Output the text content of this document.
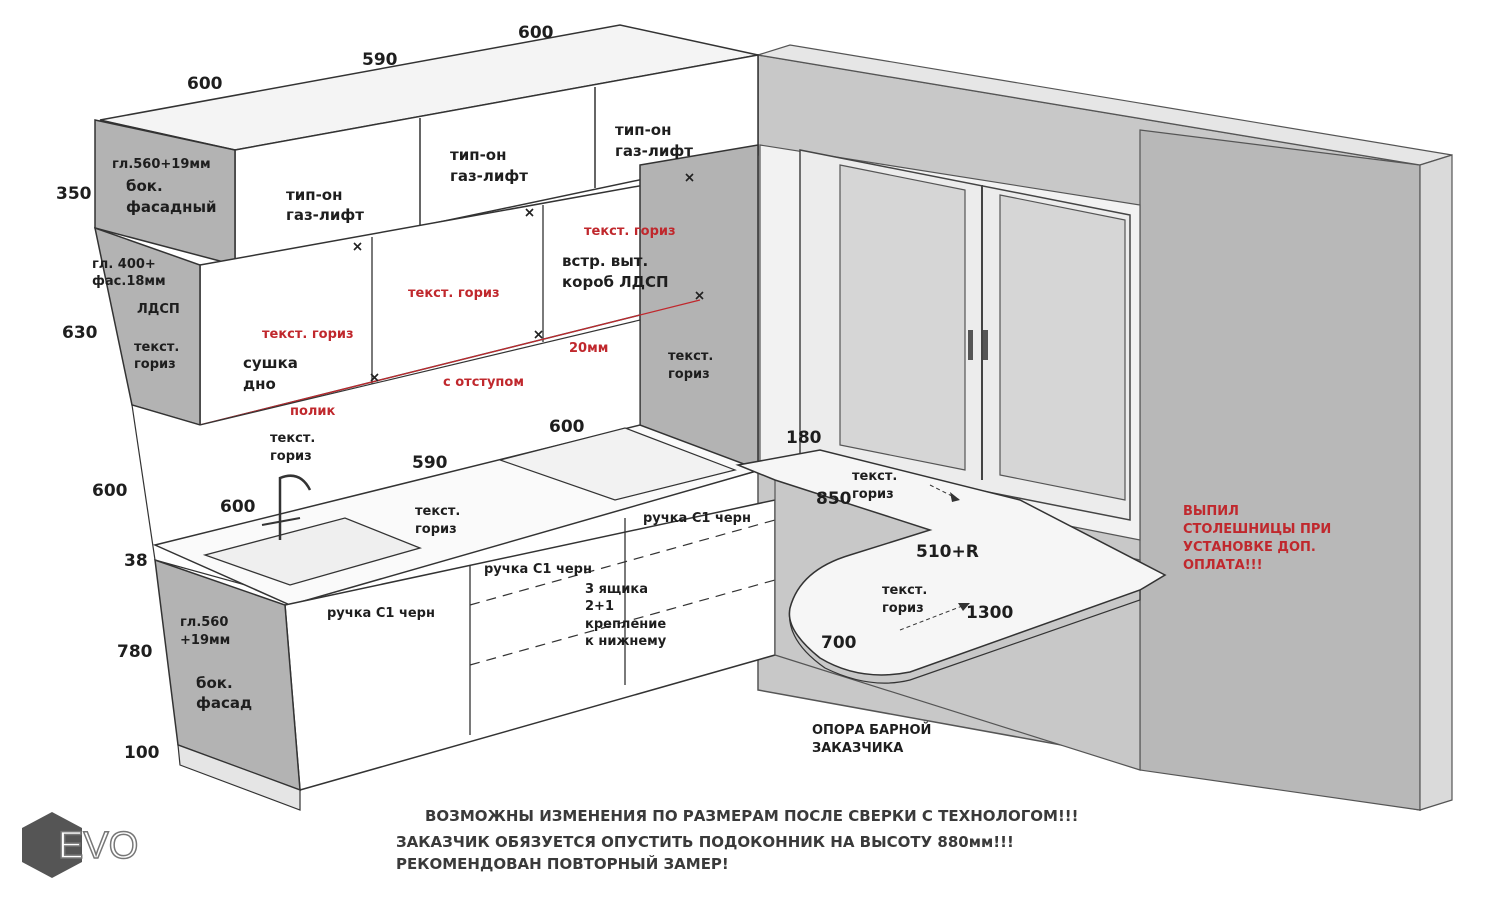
600
590
600
350
630
600
38
780
100
600
590
600
180
850
510+R
700
1300
гл.560+19мм
бок.
фасадный
гл. 400+
фас.18мм
ЛДСП
текст.
гориз
тип-он
газ-лифт
тип-он
газ-лифт
тип-он
газ-лифт
текст. гориз
текст. гориз
текст. гориз
встр. выт.
короб ЛДСП
сушка
дно
полик
с отступом
20мм
текст.
гориз
текст.
гориз
текст.
гориз
текст.
гориз
текст.
гориз
ручка С1 черн
ручка С1 черн
ручка С1 черн
3 ящика
2+1
крепление
к нижнему
гл.560
+19мм
бок.
фасад
ОПОРА БАРНОЙ
ЗАКАЗЧИКА
ВЫПИЛ
СТОЛЕШНИЦЫ ПРИ
УСТАНОВКЕ ДОП.
ОПЛАТА!!!
ВОЗМОЖНЫ ИЗМЕНЕНИЯ ПО РАЗМЕРАМ ПОСЛЕ СВЕРКИ С ТЕХНОЛОГОМ!!!
ЗАКАЗЧИК ОБЯЗУЕТСЯ ОПУСТИТЬ ПОДОКОННИК НА ВЫСОТУ 880мм!!!
РЕКОМЕНДОВАН ПОВТОРНЫЙ ЗАМЕР!
EVO
